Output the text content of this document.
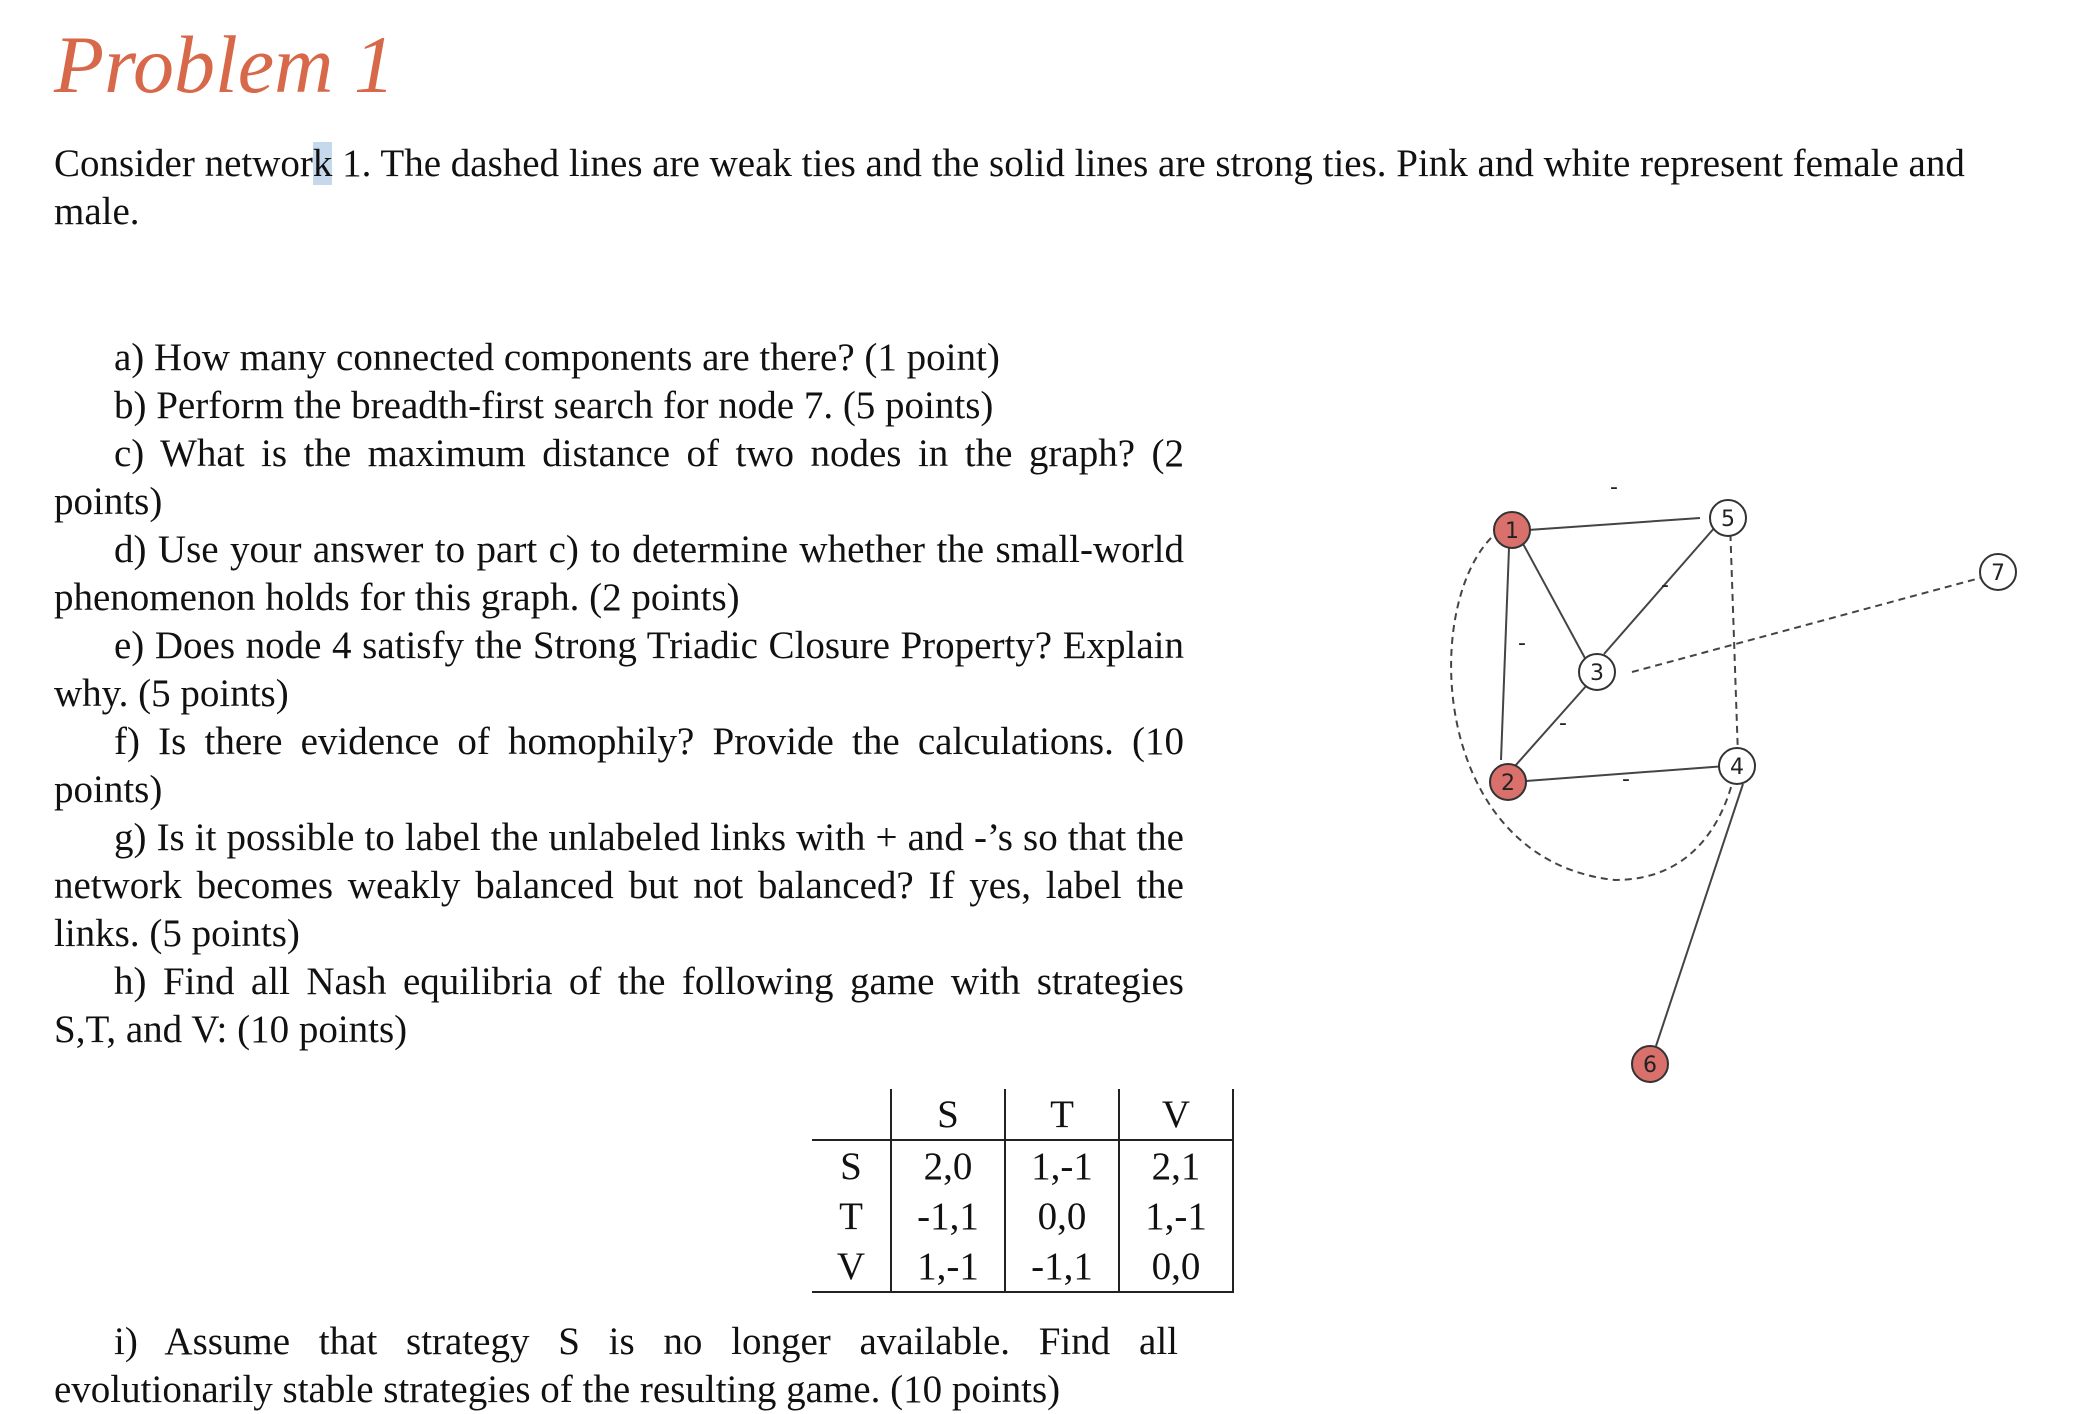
Problem 1

Consider network 1. The dashed lines are weak ties and the solid lines are strong ties. Pink and white represent female and male.

a) How many connected components are there? (1 point)

b) Perform the breadth-first search for node 7. (5 points)

c) What is the maximum distance of two nodes in the graph? (2 points)

d) Use your answer to part c) to determine whether the small-world phenomenon holds for this graph. (2 points)

e) Does node 4 satisfy the Strong Triadic Closure Property? Explain why. (5 points)

f) Is there evidence of homophily? Provide the calculations. (10 points)

g) Is it possible to label the unlabeled links with + and -’s so that the network becomes weakly balanced but not balanced? If yes, label the links. (5 points)

h) Find all Nash equilibria of the following game with strategies S,T, and V: (10 points)

	S	T	V
S	2,0	1,-1	2,1
T	-1,1	0,0	1,-1
V	1,-1	-1,1	0,0

i) Assume that strategy S is no longer available. Find all evolutionarily stable strategies of the resulting game. (10 points)

-
-
-
-
-
1
2
3
4
5
6
7
